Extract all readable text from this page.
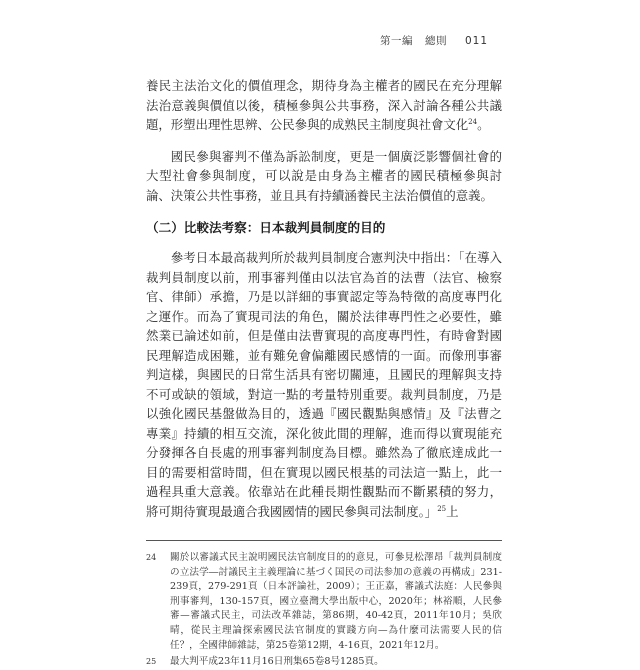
第一編 總則 011

養民主法治文化的價值理念，期待身為主權者的國民在充分理解法治意義與價值以後，積極參與公共事務，深入討論各種公共議題，形塑出理性思辨、公民參與的成熟民主制度與社會文化$^{24}$。

國民參與審判不僅為訴訟制度，更是一個廣泛影響個社會的大型社會參與制度，可以說是由身為主權者的國民積極參與討論、決策公共性事務，並且具有持續涵養民主法治價值的意義。

（二）比較法考察：日本裁判員制度的目的

參考日本最高裁判所於裁判員制度合憲判決中指出：「在導入裁判員制度以前，刑事審判僅由以法官為首的法曹（法官、檢察官、律師）承擔，乃是以詳細的事實認定等為特徵的高度專門化之運作。而為了實現司法的角色，關於法律專門性之必要性，雖然業已論述如前，但是僅由法曹實現的高度專門性，有時會對國民理解造成困難，並有難免會偏離國民感情的一面。而像刑事審判這樣，與國民的日常生活具有密切關連，且國民的理解與支持不可或缺的領域，對這一點的考量特別重要。裁判員制度，乃是以強化國民基盤做為目的，透過『國民觀點與感情』及『法曹之專業』持續的相互交流，深化彼此間的理解，進而得以實現能充分發揮各自長處的刑事審判制度為目標。雖然為了徹底達成此一目的需要相當時間，但在實現以國民根基的司法這一點上，此一過程具重大意義。依靠站在此種長期性觀點而不斷累積的努力，將可期待實現最適合我國國情的國民參與司法制度。」$^{25}$上

24 關於以審議式民主說明國民法官制度目的的意見，可參見松澤昂「裁判員制度の立法学―討議民主主義理論に基づく国民の司法参加の意義の再構成」231-239頁，279-291頁（日本評論社，2009）；王正嘉，審議式法庭：人民參與刑事審判，130-157頁，國立臺灣大學出版中心，2020年；林裕順，人民參審—審議式民主，司法改革雜誌，第86期，40-42頁，2011年10月；吳欣晴，從民主理論探索國民法官制度的實踐方向—為什麼司法需要人民的信任？，全國律師雜誌，第25卷第12期，4-16頁，2021年12月。
25 最大判平成23年11月16日刑集65卷8号1285頁。
